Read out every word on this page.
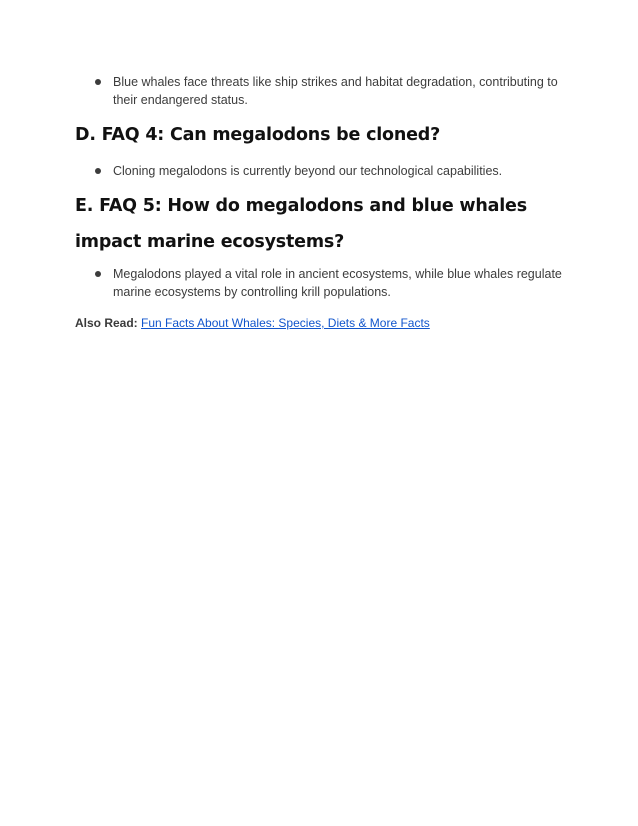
Blue whales face threats like ship strikes and habitat degradation, contributing to their endangered status.
D. FAQ 4: Can megalodons be cloned?
Cloning megalodons is currently beyond our technological capabilities.
E. FAQ 5: How do megalodons and blue whales impact marine ecosystems?
Megalodons played a vital role in ancient ecosystems, while blue whales regulate marine ecosystems by controlling krill populations.
Also Read: Fun Facts About Whales: Species, Diets & More Facts
